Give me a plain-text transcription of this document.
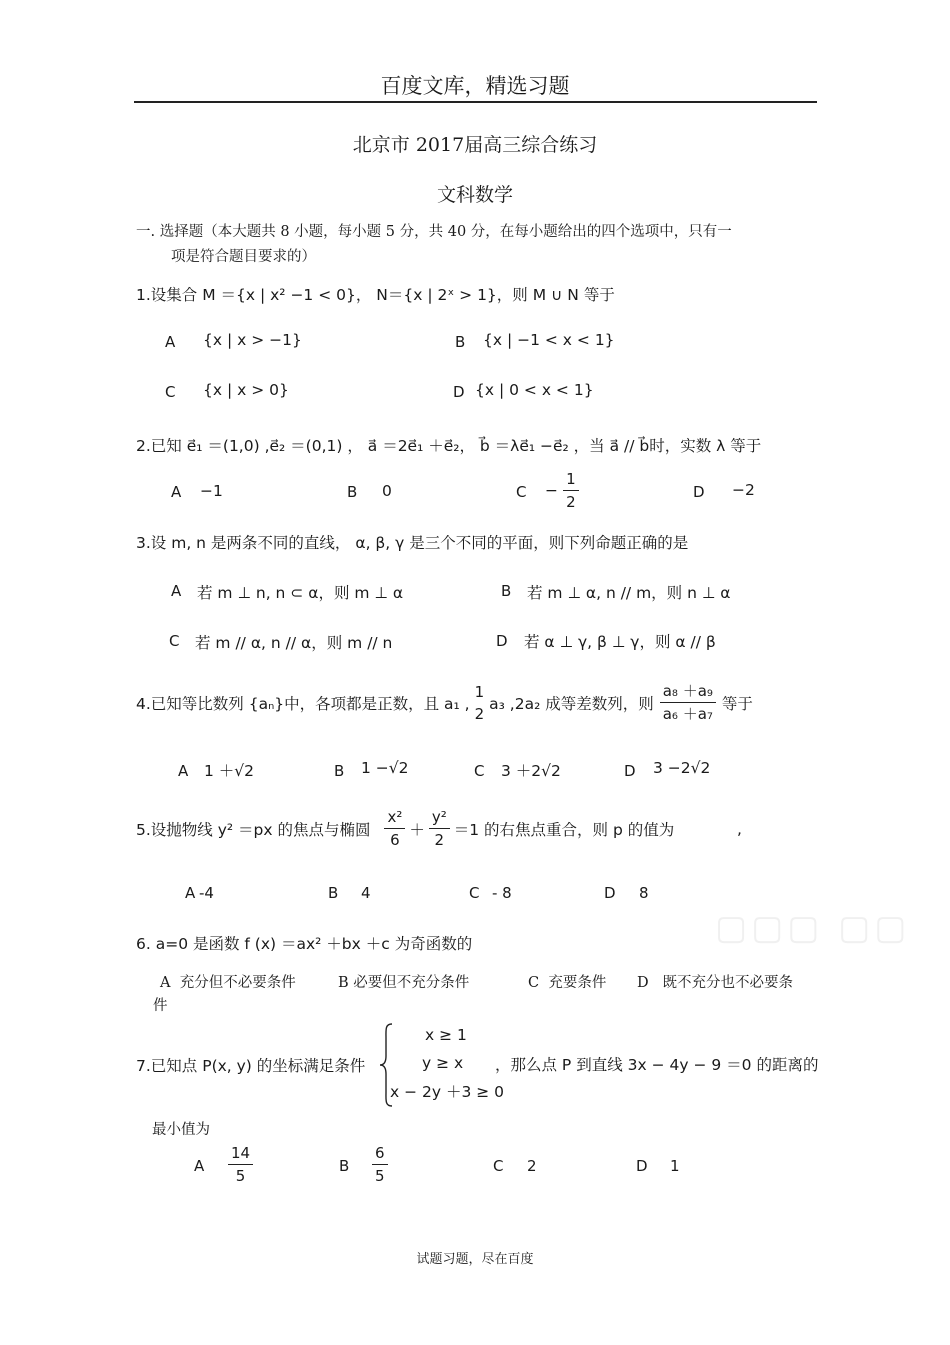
百度文库，精选习题
北京市 2017届高三综合练习
文科数学
一. 选择题（本大题共 8 小题，每小题 5 分，共 40 分，在每小题给出的四个选项中，只有一
项是符合题目要求的）
1.设集合 M ＝{x | x² −1 < 0}， N＝{x | 2ˣ > 1}，则 M ∪ N 等于
A {x | x > −1}	B {x | −1 < x < 1}
C {x | x > 0}	D {x | 0 < x < 1}
2.已知 e⃗₁ ＝(1,0) ,e⃗₂ ＝(0,1) ， a⃗ ＝2e⃗₁ ＋e⃗₂， b⃗ ＝λe⃗₁ −e⃗₂ ，当 a⃗ // b⃗时，实数 λ 等于
A −1	B 0	$C - \frac{1}{2}$	D −2
3.设 m, n 是两条不同的直线， α, β, γ 是三个不同的平面，则下列命题正确的是
A 若 m ⊥ n, n ⊂ α，则 m ⊥ α	B 若 m ⊥ α, n // m，则 n ⊥ α
C 若 m // α, n // α，则 m // n	D 若 α ⊥ γ, β ⊥ γ，则 α // β
4.已知等比数列 {aₙ}中，各项都是正数，且 a₁ ,
1
2
a₃ ,2a₂ 成等差数列，则 $\frac{\text{a₈ ＋a₉}}{\text{a₆ ＋a₇}}$ 等于
A 1 ＋√2	B 1 −√2	C 3 ＋2√2	D 3 −2√2
5.设抛物线 y² ＝px 的焦点与椭圆 $\frac{\text{x²}}{6} + \frac{\text{y²}}{2} =1$ 的右焦点重合，则 p 的值为	,
A -4	B 4	C - 8	D 8
▢▢▢ ▢▢
6. a=0 是函数 f (x) ＝ax² ＋bx ＋c 为奇函数的
A 充分但不必要条件	B 必要但不充分条件	C 充要条件 D 既不充分也不必要条
件
7.已知点 P(x, y) 的坐标满足条件
x ≥ 1
y ≥ x
x − 2y ＋3 ≥ 0
，那么点 P 到直线 3x − 4y − 9 ＝0 的距离的
最小值为
A $\frac{14}{5}$	B $\frac{6}{5}$	C 2	D 1
试题习题，尽在百度
